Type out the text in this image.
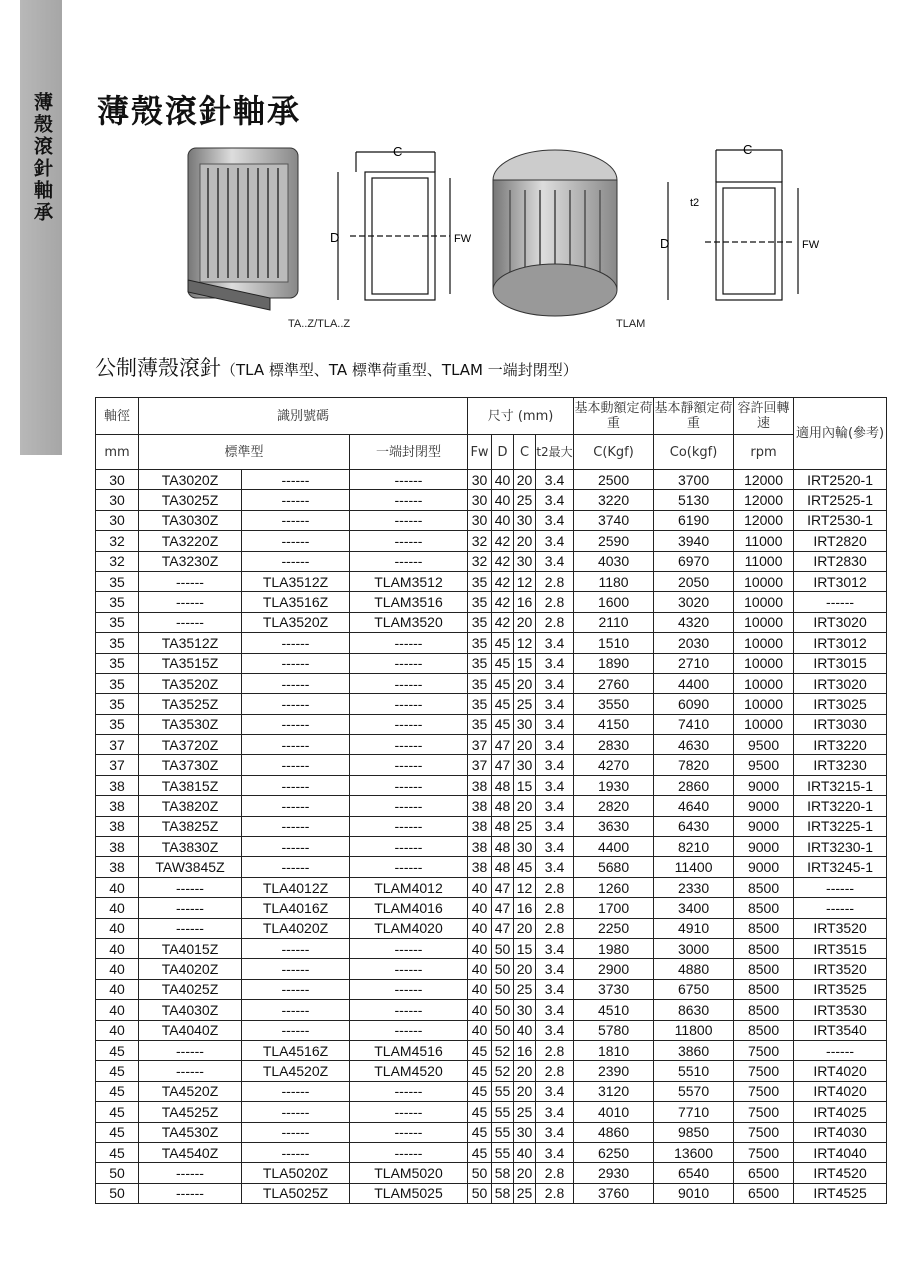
薄殼滾針軸承 薄殼滾針軸承
C
D	FW
C
D	FW
t2
TA..Z/TLA..Z	TLAM
公制薄殼滾針（TLA 標準型、TA 標準荷重型、TLAM 一端封閉型）
軸徑	識別號碼			尺寸 (mm)				基本動額定荷重	基本靜額定荷重	容許回轉速	適用內輪(參考)
mm	標準型		一端封閉型	Fw	D	C	t2最大	C(Kgf)	Co(kgf)	rpm	
30	TA3020Z	------	------	30	40	20	3.4	2500	3700	12000	IRT2520-1
30	TA3025Z	------	------	30	40	25	3.4	3220	5130	12000	IRT2525-1
30	TA3030Z	------	------	30	40	30	3.4	3740	6190	12000	IRT2530-1
32	TA3220Z	------	------	32	42	20	3.4	2590	3940	11000	IRT2820
32	TA3230Z	------	------	32	42	30	3.4	4030	6970	11000	IRT2830
35	------	TLA3512Z	TLAM3512	35	42	12	2.8	1180	2050	10000	IRT3012
35	------	TLA3516Z	TLAM3516	35	42	16	2.8	1600	3020	10000	------
35	------	TLA3520Z	TLAM3520	35	42	20	2.8	2110	4320	10000	IRT3020
35	TA3512Z	------	------	35	45	12	3.4	1510	2030	10000	IRT3012
35	TA3515Z	------	------	35	45	15	3.4	1890	2710	10000	IRT3015
35	TA3520Z	------	------	35	45	20	3.4	2760	4400	10000	IRT3020
35	TA3525Z	------	------	35	45	25	3.4	3550	6090	10000	IRT3025
35	TA3530Z	------	------	35	45	30	3.4	4150	7410	10000	IRT3030
37	TA3720Z	------	------	37	47	20	3.4	2830	4630	9500	IRT3220
37	TA3730Z	------	------	37	47	30	3.4	4270	7820	9500	IRT3230
38	TA3815Z	------	------	38	48	15	3.4	1930	2860	9000	IRT3215-1
38	TA3820Z	------	------	38	48	20	3.4	2820	4640	9000	IRT3220-1
38	TA3825Z	------	------	38	48	25	3.4	3630	6430	9000	IRT3225-1
38	TA3830Z	------	------	38	48	30	3.4	4400	8210	9000	IRT3230-1
38	TAW3845Z	------	------	38	48	45	3.4	5680	11400	9000	IRT3245-1
40	------	TLA4012Z	TLAM4012	40	47	12	2.8	1260	2330	8500	------
40	------	TLA4016Z	TLAM4016	40	47	16	2.8	1700	3400	8500	------
40	------	TLA4020Z	TLAM4020	40	47	20	2.8	2250	4910	8500	IRT3520
40	TA4015Z	------	------	40	50	15	3.4	1980	3000	8500	IRT3515
40	TA4020Z	------	------	40	50	20	3.4	2900	4880	8500	IRT3520
40	TA4025Z	------	------	40	50	25	3.4	3730	6750	8500	IRT3525
40	TA4030Z	------	------	40	50	30	3.4	4510	8630	8500	IRT3530
40	TA4040Z	------	------	40	50	40	3.4	5780	11800	8500	IRT3540
45	------	TLA4516Z	TLAM4516	45	52	16	2.8	1810	3860	7500	------
45	------	TLA4520Z	TLAM4520	45	52	20	2.8	2390	5510	7500	IRT4020
45	TA4520Z	------	------	45	55	20	3.4	3120	5570	7500	IRT4020
45	TA4525Z	------	------	45	55	25	3.4	4010	7710	7500	IRT4025
45	TA4530Z	------	------	45	55	30	3.4	4860	9850	7500	IRT4030
45	TA4540Z	------	------	45	55	40	3.4	6250	13600	7500	IRT4040
50	------	TLA5020Z	TLAM5020	50	58	20	2.8	2930	6540	6500	IRT4520
50	------	TLA5025Z	TLAM5025	50	58	25	2.8	3760	9010	6500	IRT4525
